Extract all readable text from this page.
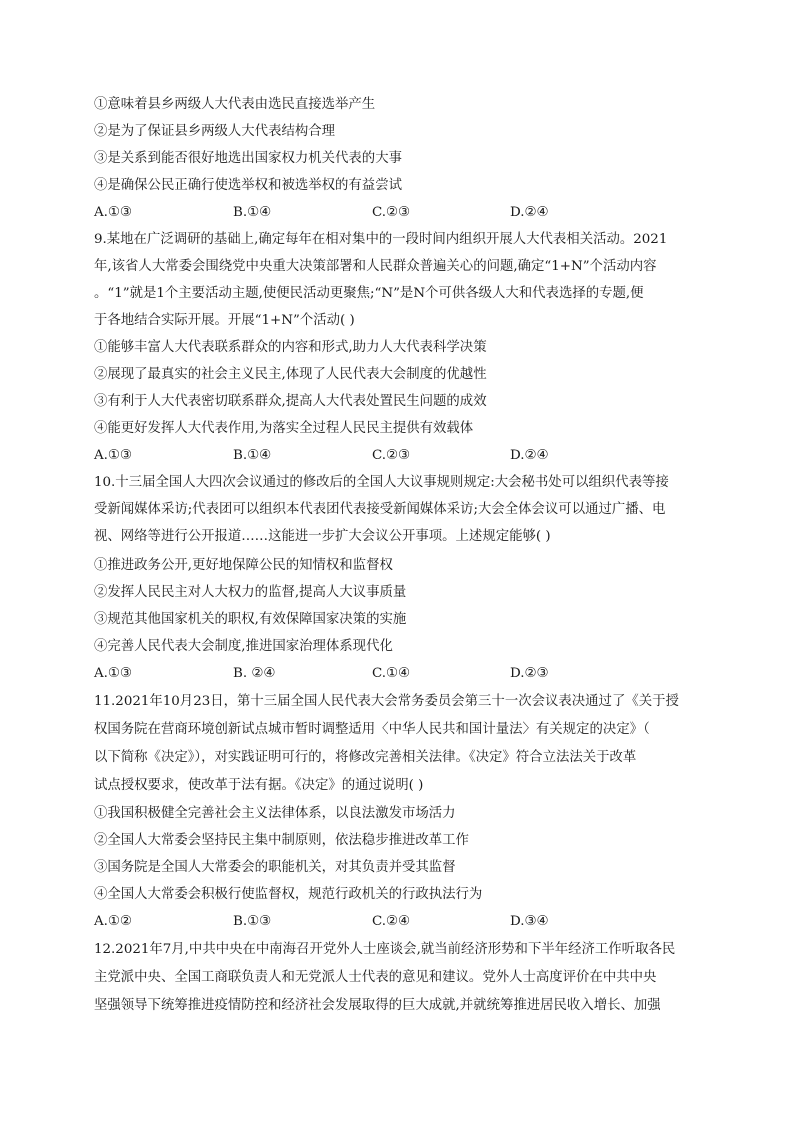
①意味着县乡两级人大代表由选民直接选举产生
②是为了保证县乡两级人大代表结构合理
③是关系到能否很好地选出国家权力机关代表的大事
④是确保公民正确行使选举权和被选举权的有益尝试
A.①③	B.①④	C.②③	D.②④
9.某地在广泛调研的基础上,确定每年在相对集中的一段时间内组织开展人大代表相关活动。2021
年,该省人大常委会围绕党中央重大决策部署和人民群众普遍关心的问题,确定“1+N”个活动内容
。“1”就是1个主要活动主题,使便民活动更聚焦;“N”是N个可供各级人大和代表选择的专题,便
于各地结合实际开展。开展“1+N”个活动( )
①能够丰富人大代表联系群众的内容和形式,助力人大代表科学决策
②展现了最真实的社会主义民主,体现了人民代表大会制度的优越性
③有利于人大代表密切联系群众,提高人大代表处置民生问题的成效
④能更好发挥人大代表作用,为落实全过程人民民主提供有效载体
A.①③	B.①④	C.②③	D.②④
10.十三届全国人大四次会议通过的修改后的全国人大议事规则规定:大会秘书处可以组织代表等接
受新闻媒体采访;代表团可以组织本代表团代表接受新闻媒体采访;大会全体会议可以通过广播、电
视、网络等进行公开报道……这能进一步扩大会议公开事项。上述规定能够( )
①推进政务公开,更好地保障公民的知情权和监督权
②发挥人民民主对人大权力的监督,提高人大议事质量
③规范其他国家机关的职权,有效保障国家决策的实施
④完善人民代表大会制度,推进国家治理体系现代化
A.①③	B. ②④	C.①④	D.②③
11.2021年10月23日，第十三届全国人民代表大会常务委员会第三十一次会议表决通过了《关于授
权国务院在营商环境创新试点城市暂时调整适用〈中华人民共和国计量法〉有关规定的决定》（
以下简称《决定》），对实践证明可行的，将修改完善相关法律。《决定》符合立法法关于改革
试点授权要求，使改革于法有据。《决定》的通过说明( )
①我国积极健全完善社会主义法律体系，以良法激发市场活力
②全国人大常委会坚持民主集中制原则，依法稳步推进改革工作
③国务院是全国人大常委会的职能机关，对其负责并受其监督
④全国人大常委会积极行使监督权，规范行政机关的行政执法行为
A.①②	B.①③	C.②④	D.③④
12.2021年7月,中共中央在中南海召开党外人士座谈会,就当前经济形势和下半年经济工作听取各民
主党派中央、全国工商联负责人和无党派人士代表的意见和建议。党外人士高度评价在中共中央
坚强领导下统筹推进疫情防控和经济社会发展取得的巨大成就,并就统筹推进居民收入增长、加强
